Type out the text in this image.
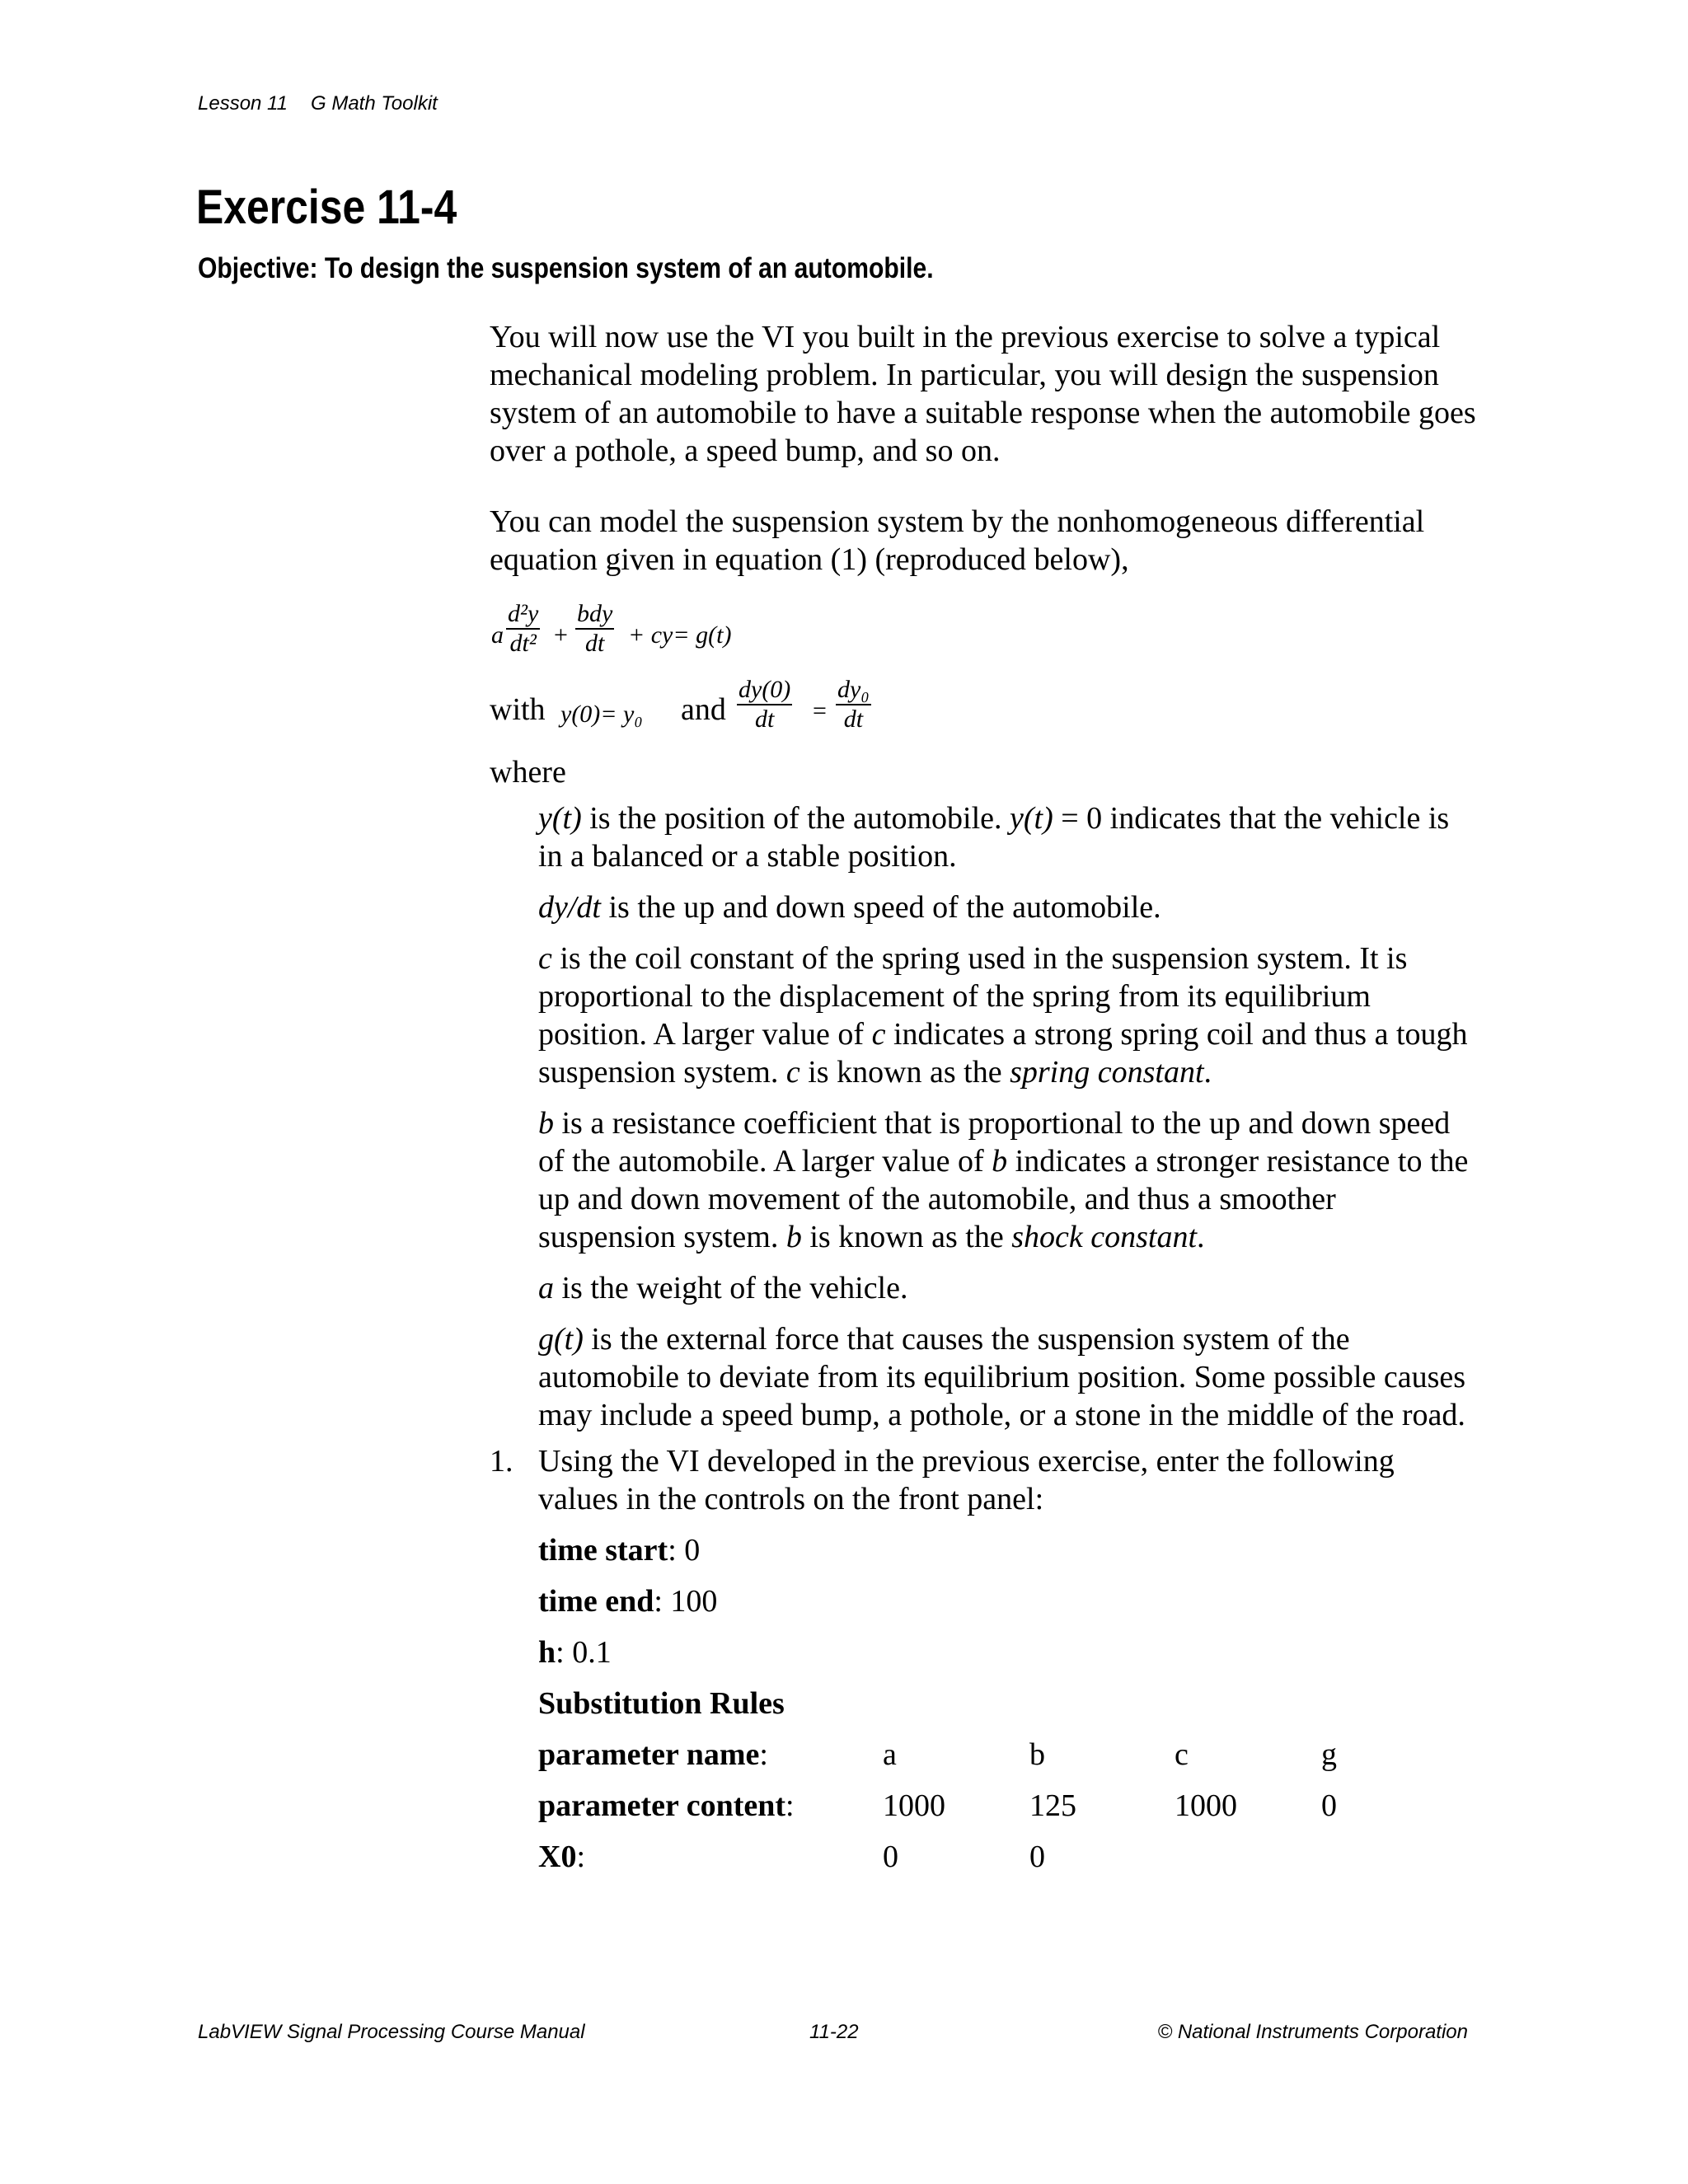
Lesson 11 G Math Toolkit
Exercise 11-4
Objective: To design the suspension system of an automobile.

You will now use the VI you built in the previous exercise to solve a typical mechanical modeling problem. In particular, you will design the suspension system of an automobile to have a suitable response when the automobile goes over a pothole, a speed bump, and so on.

You can model the suspension system by the nonhomogeneous differential equation given in equation (1) (reproduced below),

a $\frac{\text{d²y}}{\text{dt²}}$ +
bdy
dt + cy= g(t)
with y(0)= y₀ and $\frac{dy(0)}{dt} = \frac{\text{dy₀}}{dt}$

where

y(t) is the position of the automobile. y(t) = 0 indicates that the vehicle is in a balanced or a stable position.

dy/dt is the up and down speed of the automobile.

c is the coil constant of the spring used in the suspension system. It is proportional to the displacement of the spring from its equilibrium position. A larger value of c indicates a strong spring coil and thus a tough suspension system. c is known as the spring constant.

b is a resistance coefficient that is proportional to the up and down speed of the automobile. A larger value of b indicates a stronger resistance to the up and down movement of the automobile, and thus a smoother suspension system. b is known as the shock constant.

a is the weight of the vehicle.

g(t) is the external force that causes the suspension system of the automobile to deviate from its equilibrium position. Some possible causes may include a speed bump, a pothole, or a stone in the middle of the road.

1. Using the VI developed in the previous exercise, enter the following values in the controls on the front panel:

time start: 0

time end: 100

h: 0.1

Substitution Rules

parameter name :	a	b	c	g
parameter content :	1000	125	1000	0
X0 :	0	0
LabVIEW Signal Processing Course Manual	11-22	© National Instruments Corporation
